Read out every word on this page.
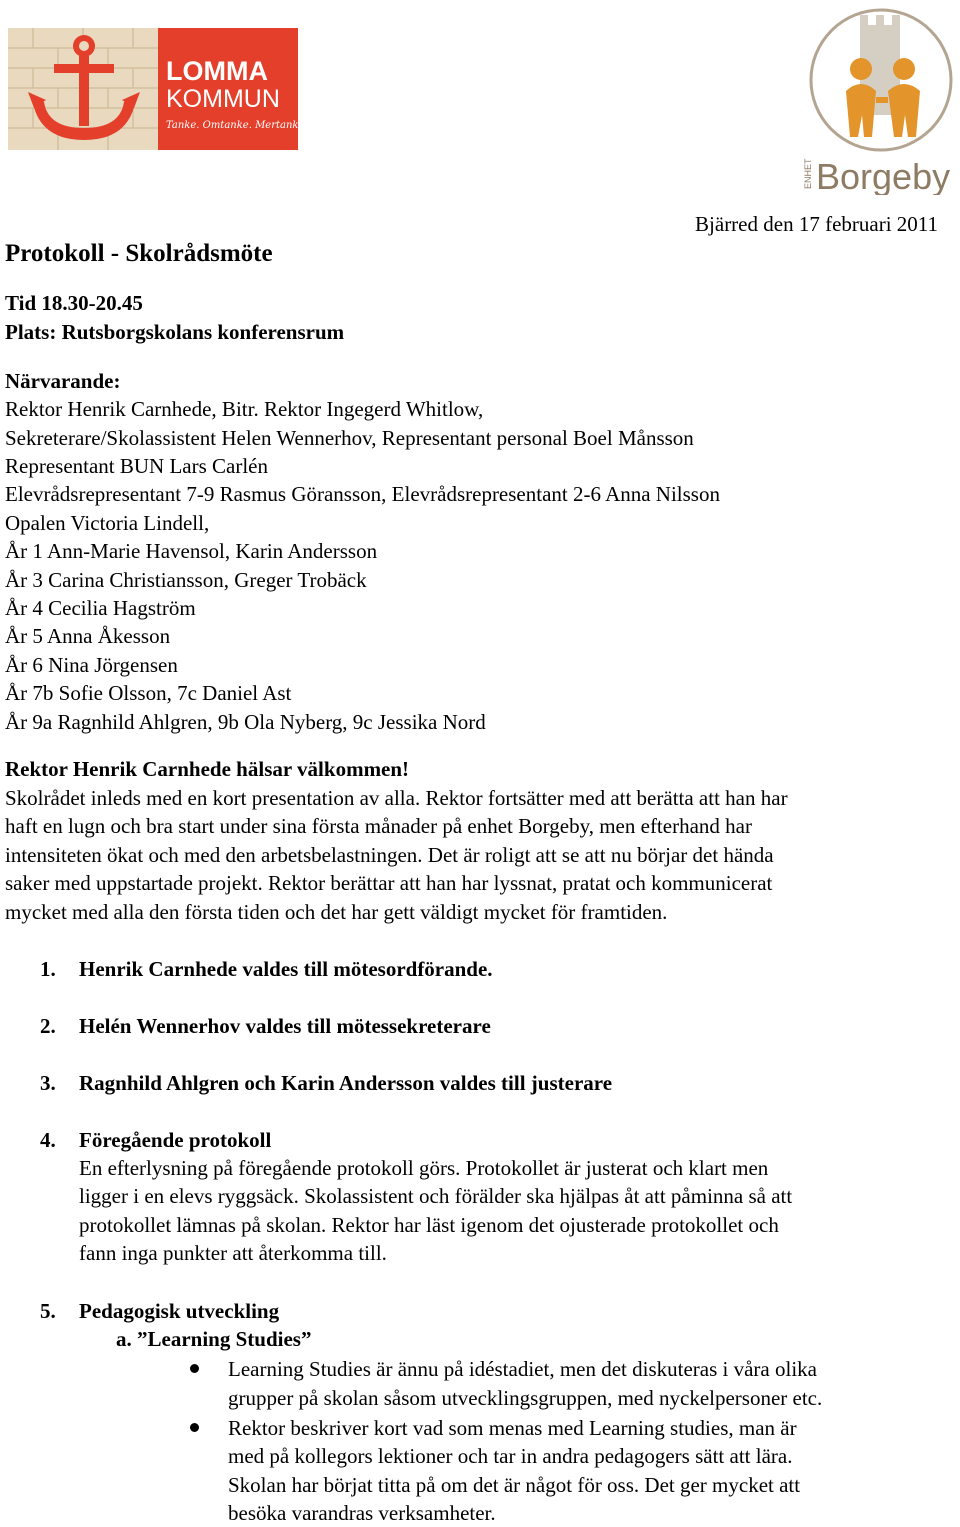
LOMMA
KOMMUN
Tanke. Omtanke. Mertanke!
ENHET Borgeby
Bjärred den 17 februari 2011
Protokoll - Skolrådsmöte
Tid 18.30-20.45
Plats: Rutsborgskolans konferensrum
Närvarande:
Rektor Henrik Carnhede, Bitr. Rektor Ingegerd Whitlow,
Sekreterare/Skolassistent Helen Wennerhov, Representant personal Boel Månsson
Representant BUN Lars Carlén
Elevrådsrepresentant 7-9 Rasmus Göransson, Elevrådsrepresentant 2-6 Anna Nilsson
Opalen Victoria Lindell,
År 1 Ann-Marie Havensol, Karin Andersson
År 3 Carina Christiansson, Greger Trobäck
År 4 Cecilia Hagström
År 5 Anna Åkesson
År 6 Nina Jörgensen
År 7b Sofie Olsson, 7c Daniel Ast
År 9a Ragnhild Ahlgren, 9b Ola Nyberg, 9c Jessika Nord
Rektor Henrik Carnhede hälsar välkommen!
Skolrådet inleds med en kort presentation av alla. Rektor fortsätter med att berätta att han har
haft en lugn och bra start under sina första månader på enhet Borgeby, men efterhand har
intensiteten ökat och med den arbetsbelastningen. Det är roligt att se att nu börjar det hända
saker med uppstartade projekt. Rektor berättar att han har lyssnat, pratat och kommunicerat
mycket med alla den första tiden och det har gett väldigt mycket för framtiden.
1. Henrik Carnhede valdes till mötesordförande.
2. Helén Wennerhov valdes till mötessekreterare
3. Ragnhild Ahlgren och Karin Andersson valdes till justerare
4. Föregående protokoll
En efterlysning på föregående protokoll görs. Protokollet är justerat och klart men
ligger i en elevs ryggsäck. Skolassistent och förälder ska hjälpas åt att påminna så att
protokollet lämnas på skolan. Rektor har läst igenom det ojusterade protokollet och
fann inga punkter att återkomma till.
5. Pedagogisk utveckling
a. ”Learning Studies”
Learning Studies är ännu på idéstadiet, men det diskuteras i våra olika
grupper på skolan såsom utvecklingsgruppen, med nyckelpersoner etc.
Rektor beskriver kort vad som menas med Learning studies, man är
med på kollegors lektioner och tar in andra pedagogers sätt att lära.
Skolan har börjat titta på om det är något för oss. Det ger mycket att
besöka varandras verksamheter.
